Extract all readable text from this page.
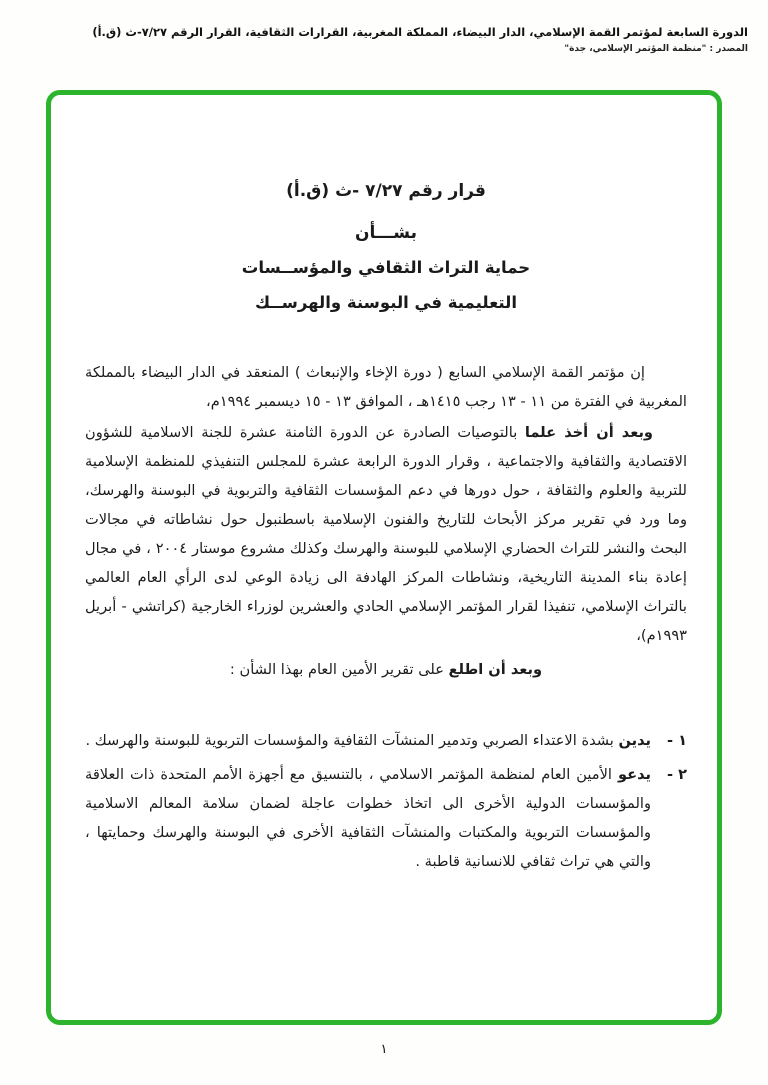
الدورة السابعة لمؤتمر القمة الإسلامي، الدار البيضاء، المملكة المغربية، القرارات الثقافية، القرار الرقم ٧/٢٧-ث (ق.أ)
المصدر : "منظمة المؤتمر الإسلامي، جدة"
قرار رقم ٧/٢٧ -ث (ق.أ)
بشـــأن
حماية التراث الثقافي والمؤســسات
التعليمية في البوسنة والهرســك

إن مؤتمر القمة الإسلامي السابع ( دورة الإخاء والإنبعاث ) المنعقد في الدار البيضاء بالمملكة المغربية في الفترة من ١١ - ١٣ رجب ١٤١٥هـ ، الموافق ١٣ - ١٥ ديسمبر ١٩٩٤م،

وبعد أن أخذ علما بالتوصيات الصادرة عن الدورة الثامنة عشرة للجنة الاسلامية للشؤون الاقتصادية والثقافية والاجتماعية ، وقرار الدورة الرابعة عشرة للمجلس التنفيذي للمنظمة الإسلامية للتربية والعلوم والثقافة ، حول دورها في دعم المؤسسات الثقافية والتربوية في البوسنة والهرسك، وما ورد في تقرير مركز الأبحاث للتاريخ والفنون الإسلامية باسطنبول حول نشاطاته في مجالات البحث والنشر للتراث الحضاري الإسلامي للبوسنة والهرسك وكذلك مشروع موستار ٢٠٠٤ ، في مجال إعادة بناء المدينة التاريخية، ونشاطات المركز الهادفة الى زيادة الوعي لدى الرأي العام العالمي بالتراث الإسلامي، تنفيذا لقرار المؤتمر الإسلامي الحادي والعشرين لوزراء الخارجية (كراتشي - أبريل ١٩٩٣م)،

وبعد أن اطلع على تقرير الأمين العام بهذا الشأن :

١ -
يدين بشدة الاعتداء الصربي وتدمير المنشآت الثقافية والمؤسسات التربوية للبوسنة والهرسك .
٢ -
يدعو الأمين العام لمنظمة المؤتمر الاسلامي ، بالتنسيق مع أجهزة الأمم المتحدة ذات العلاقة والمؤسسات الدولية الأخرى الى اتخاذ خطوات عاجلة لضمان سلامة المعالم الاسلامية والمؤسسات التربوية والمكتبات والمنشآت الثقافية الأخرى في البوسنة والهرسك وحمايتها ، والتي هي تراث ثقافي للانسانية قاطبة .
١
